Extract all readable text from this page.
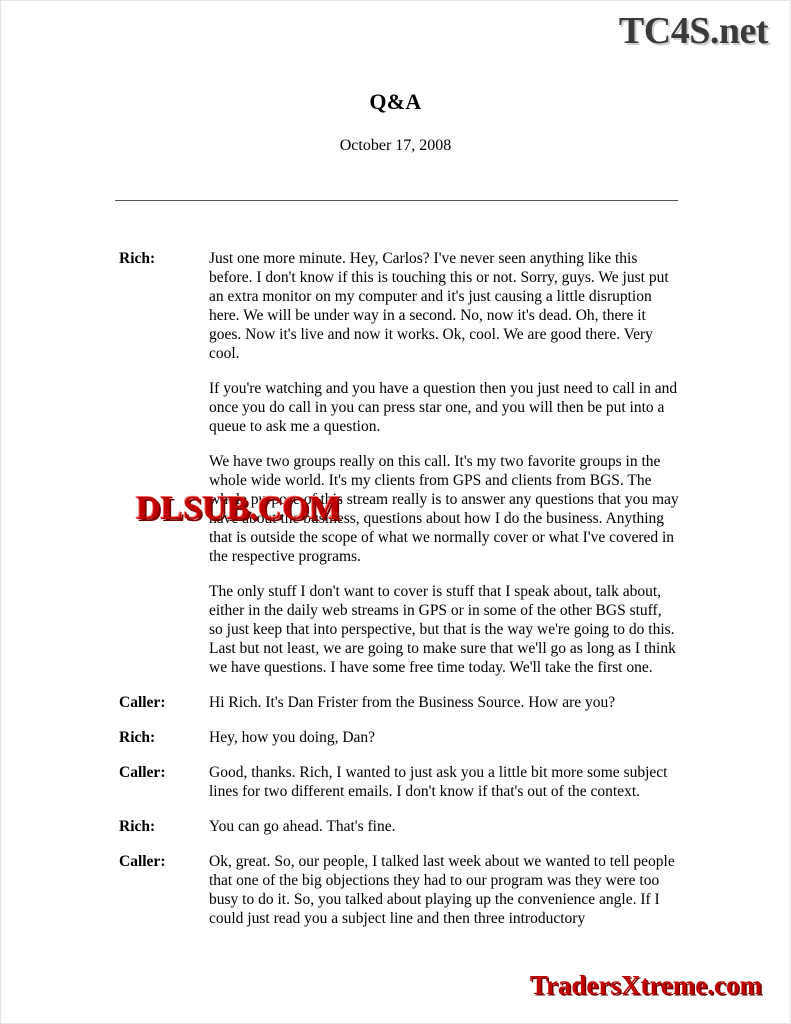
TC4S.net
Q&A
October 17, 2008
Rich:	Just one more minute. Hey, Carlos? I've never seen anything like this before. I don't know if this is touching this or not. Sorry, guys. We just put an extra monitor on my computer and it's just causing a little disruption here. We will be under way in a second. No, now it's dead. Oh, there it goes. Now it's live and now it works. Ok, cool. We are good there. Very cool.

If you're watching and you have a question then you just need to call in and once you do call in you can press star one, and you will then be put into a queue to ask me a question.

We have two groups really on this call. It's my two favorite groups in the whole wide world. It's my clients from GPS and clients from BGS. The whole purpose of this stream really is to answer any questions that you may have about the business, questions about how I do the business. Anything that is outside the scope of what we normally cover or what I've covered in the respective programs.

The only stuff I don't want to cover is stuff that I speak about, talk about, either in the daily web streams in GPS or in some of the other BGS stuff, so just keep that into perspective, but that is the way we're going to do this. Last but not least, we are going to make sure that we'll go as long as I think we have questions. I have some free time today. We'll take the first one.

Caller:	Hi Rich. It's Dan Frister from the Business Source. How are you?

Rich:	Hey, how you doing, Dan?

Caller:	Good, thanks. Rich, I wanted to just ask you a little bit more some subject lines for two different emails. I don't know if that's out of the context.

Rich:	You can go ahead. That's fine.

Caller:	Ok, great. So, our people, I talked last week about we wanted to tell people that one of the big objections they had to our program was they were too busy to do it. So, you talked about playing up the convenience angle. If I could just read you a subject line and then three introductory

DLSUB.COM
TradersXtreme.com
